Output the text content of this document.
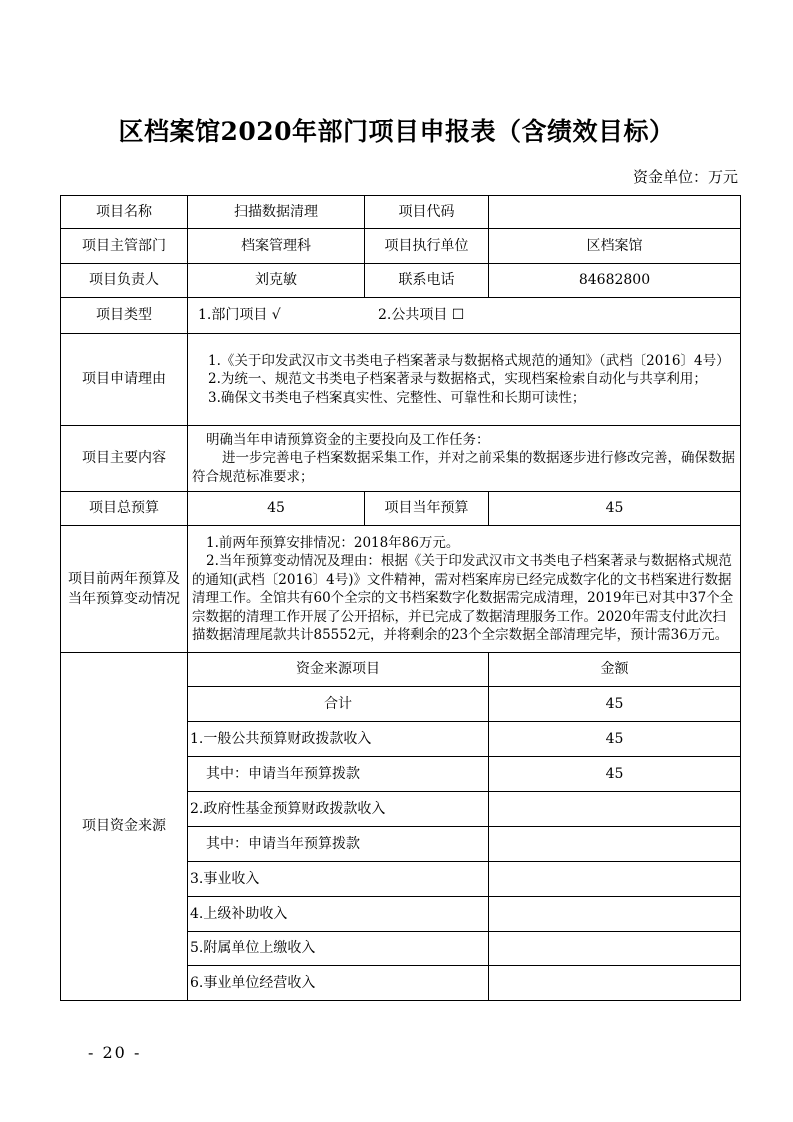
区档案馆2020年部门项目申报表（含绩效目标）
资金单位：万元
项目名称	扫描数据清理	项目代码	
项目主管部门	档案管理科	项目执行单位	区档案馆
项目负责人	刘克敏	联系电话	84682800
项目类型	1.部门项目 √ 2.公共项目 ☐		
项目申请理由	1.《关于印发武汉市文书类电子档案著录与数据格式规范的通知》（武档〔2016〕4号）
2.为统一、规范文书类电子档案著录与数据格式，实现档案检索自动化与共享利用；
3.确保文书类电子档案真实性、完整性、可靠性和长期可读性；		

项目主要内容	明确当年申请预算资金的主要投向及工作任务：
进一步完善电子档案数据采集工作，并对之前采集的数据逐步进行修改完善，确保数据符合规范标准要求；		

项目总预算	45	项目当年预算	45
项目前两年预算及当年预算变动情况	1.前两年预算安排情况：2018年86万元。
2.当年预算变动情况及理由：根据《关于印发武汉市文书类电子档案著录与数据格式规范的通知(武档〔2016〕4号)》文件精神，需对档案库房已经完成数字化的文书档案进行数据清理工作。全馆共有60个全宗的文书档案数字化数据需完成清理，2019年已对其中37个全宗数据的清理工作开展了公开招标，并已完成了数据清理服务工作。2020年需支付此次扫描数据清理尾款共计85552元，并将剩余的23个全宗数据全部清理完毕，预计需36万元。		

项目资金来源	资金来源项目		金额
	合计		45
	1.一般公共预算财政拨款收入		45
	其中：申请当年预算拨款		45
	2.政府性基金预算财政拨款收入		
	其中：申请当年预算拨款		
	3.事业收入		
	4.上级补助收入		
	5.附属单位上缴收入		
	6.事业单位经营收入		
- 20 -
